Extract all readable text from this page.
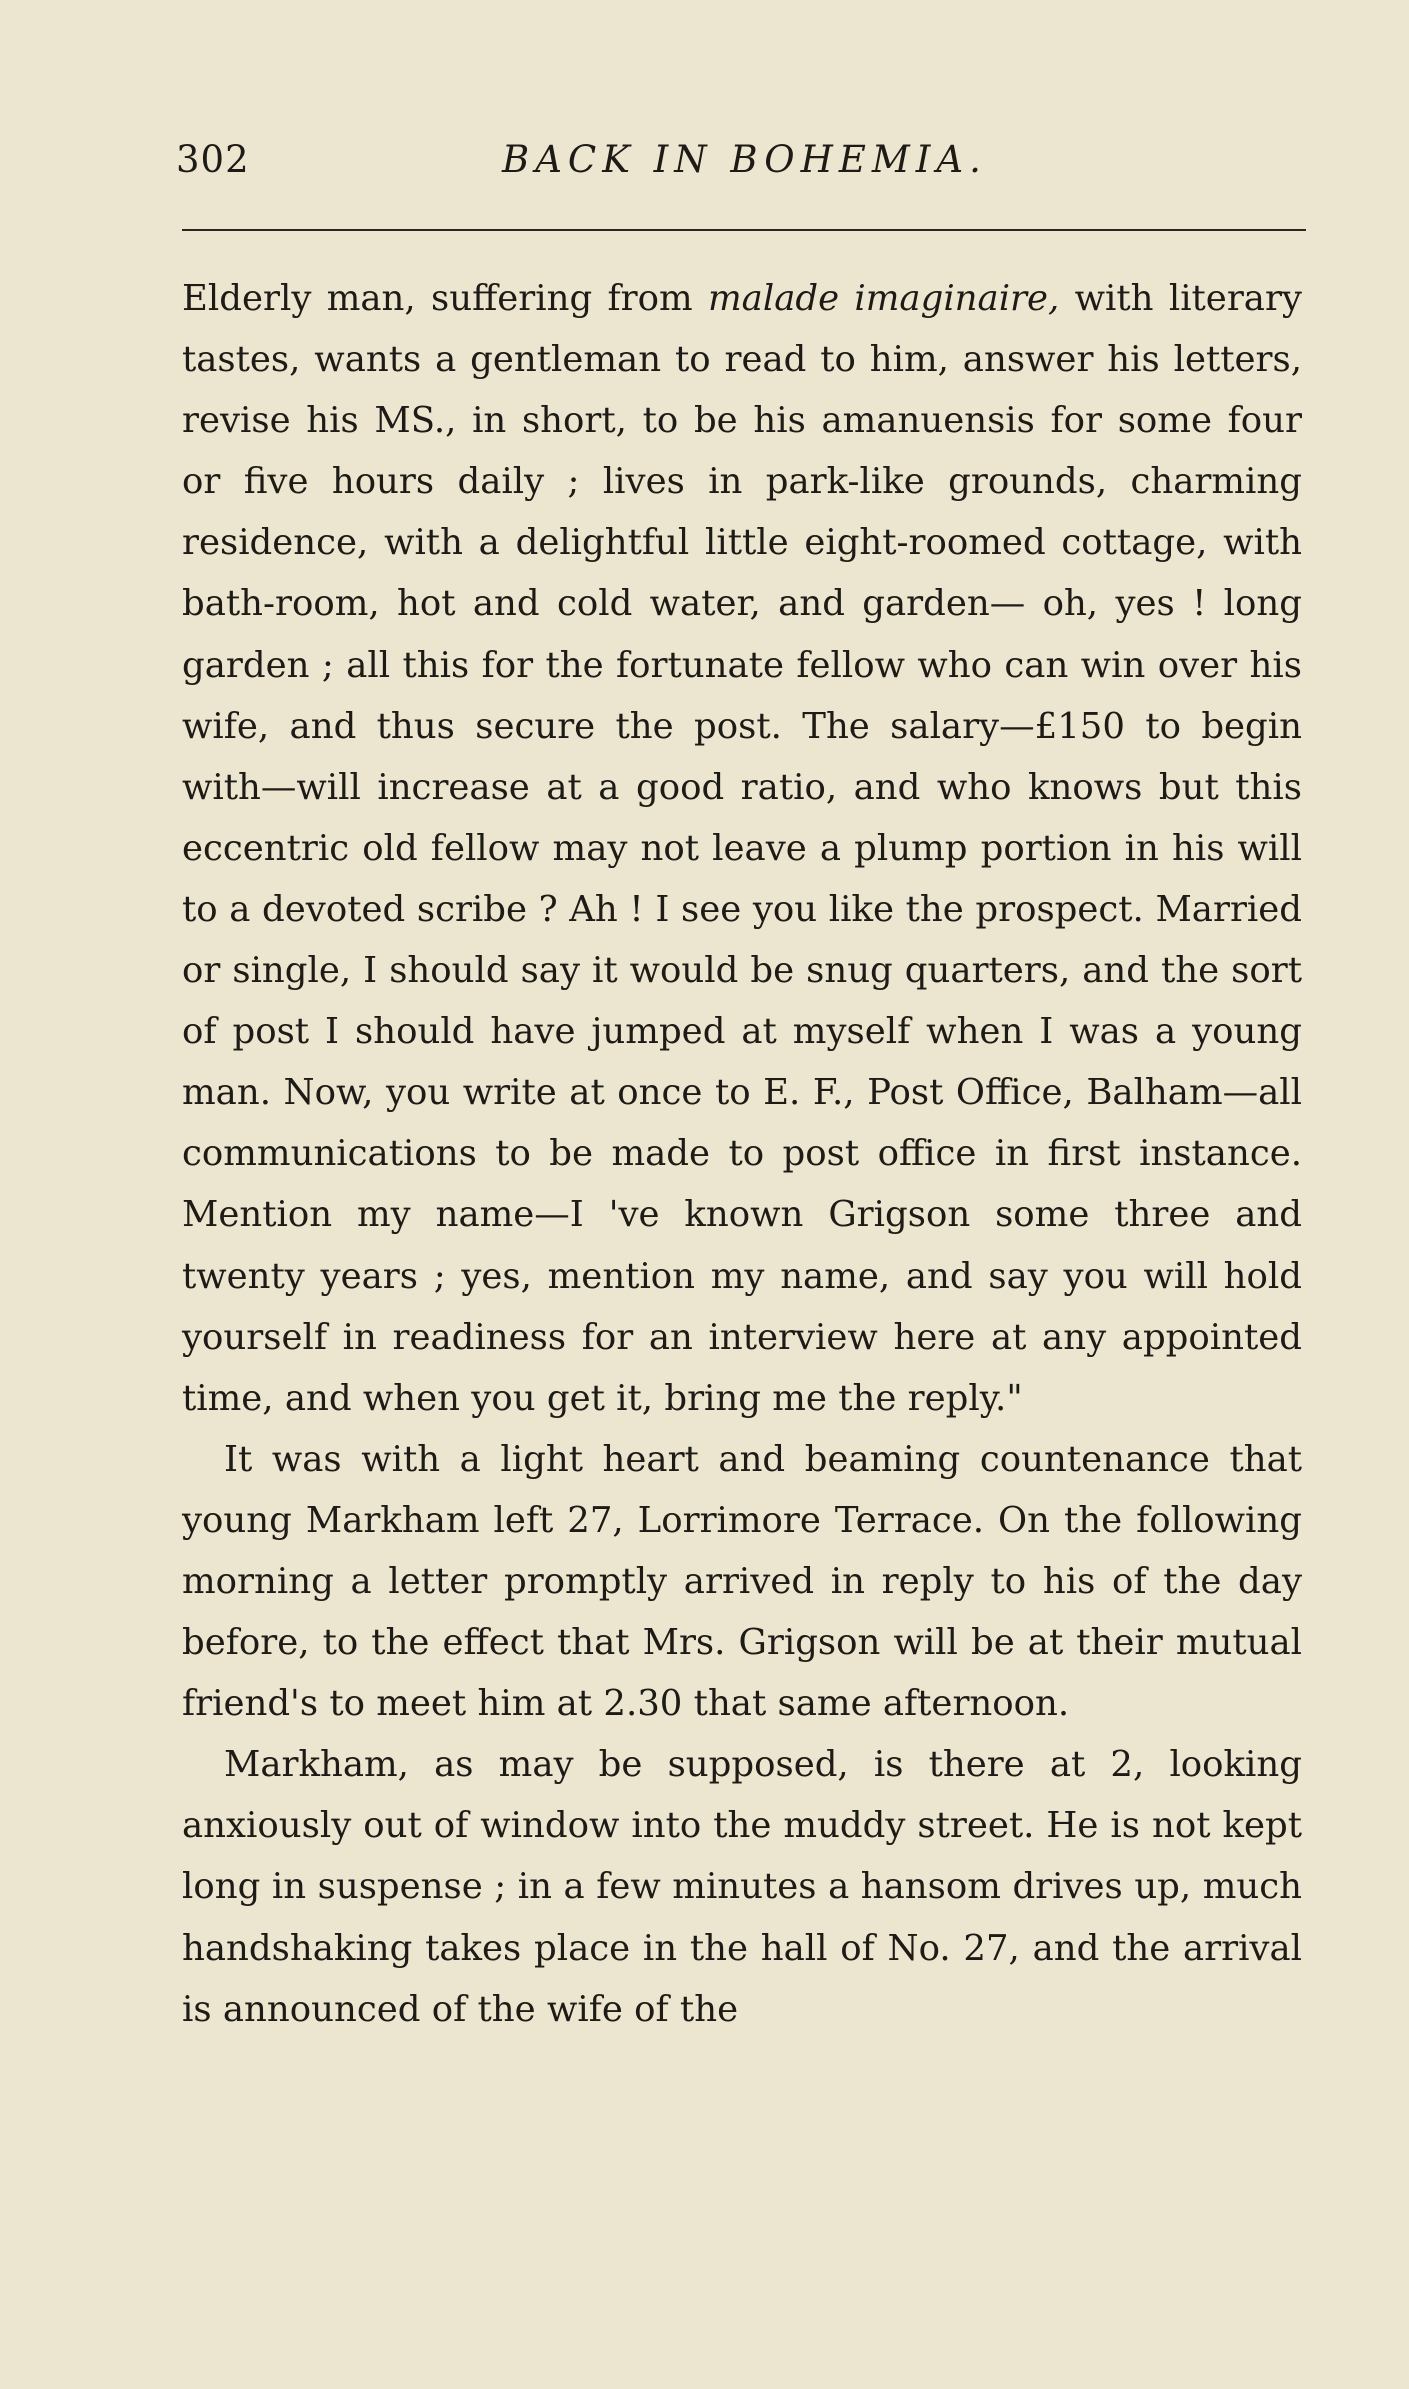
302	BACK IN BOHEMIA.

Elderly man, suffering from malade imaginaire, with literary tastes, wants a gentleman to read to him, answer his letters, revise his MS., in short, to be his amanuensis for some four or five hours daily ; lives in park-like grounds, charming residence, with a delightful little eight-roomed cottage, with bath-room, hot and cold water, and garden— oh, yes ! long garden ; all this for the fortunate fellow who can win over his wife, and thus secure the post. The salary—£150 to begin with—will increase at a good ratio, and who knows but this eccentric old fellow may not leave a plump portion in his will to a devoted scribe ? Ah ! I see you like the prospect. Married or single, I should say it would be snug quarters, and the sort of post I should have jumped at myself when I was a young man. Now, you write at once to E. F., Post Office, Balham—all communications to be made to post office in first instance. Mention my name—I 've known Grigson some three and twenty years ; yes, mention my name, and say you will hold yourself in readiness for an interview here at any appointed time, and when you get it, bring me the reply."

It was with a light heart and beaming countenance that young Markham left 27, Lorrimore Terrace. On the following morning a letter promptly arrived in reply to his of the day before, to the effect that Mrs. Grigson will be at their mutual friend's to meet him at 2.30 that same afternoon.

Markham, as may be supposed, is there at 2, looking anxiously out of window into the muddy street. He is not kept long in suspense ; in a few minutes a hansom drives up, much handshaking takes place in the hall of No. 27, and the arrival is announced of the wife of the
